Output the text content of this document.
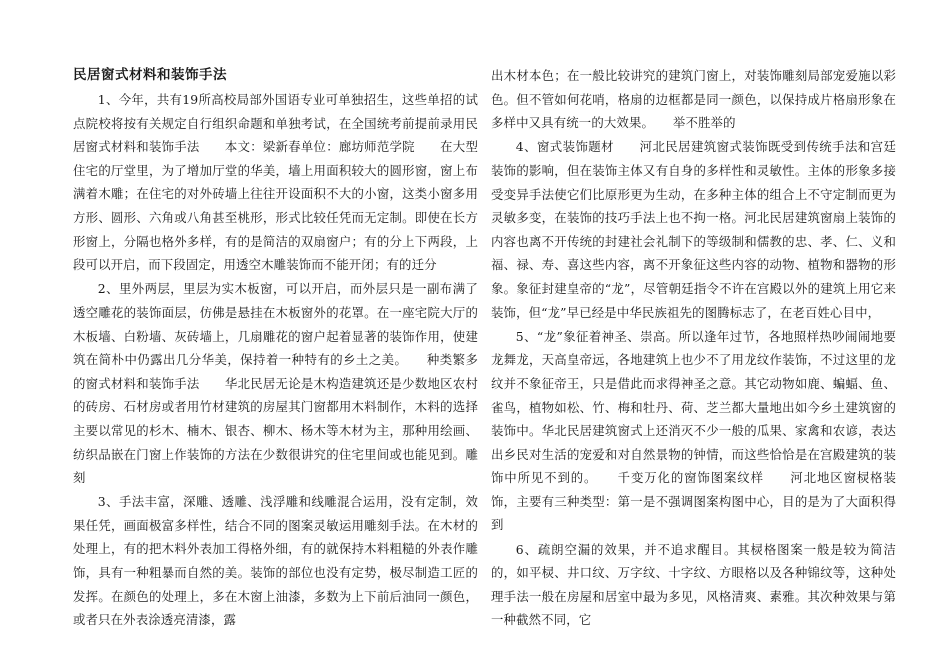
民居窗式材料和装饰手法

1、今年，共有19所高校局部外国语专业可单独招生，这些单招的试点院校将按有关规定自行组织命题和单独考试，在全国统考前提前录用民居窗式材料和装饰手法　　本文：梁新春单位：廊坊师范学院　　在大型住宅的厅堂里，为了增加厅堂的华美，墙上用面积较大的圆形窗，窗上布满着木雕；在住宅的对外砖墙上往往开设面积不大的小窗，这类小窗多用方形、圆形、六角或八角甚至桃形，形式比较任凭而无定制。即使在长方形窗上，分隔也格外多样，有的是简洁的双扇窗户；有的分上下两段，上段可以开启，而下段固定，用透空木雕装饰而不能开闭；有的迁分

2、里外两层，里层为实木板窗，可以开启，而外层只是一副布满了透空雕花的装饰面层，仿佛是悬挂在木板窗外的花罩。在一座宅院大厅的木板墙、白粉墙、灰砖墙上，几扇雕花的窗户起着显著的装饰作用，使建筑在简朴中仍露出几分华美，保持着一种特有的乡土之美。　　种类繁多的窗式材料和装饰手法　　华北民居无论是木构造建筑还是少数地区农村的砖房、石材房或者用竹材建筑的房屋其门窗都用木料制作，木料的选择主要以常见的杉木、楠木、银杏、柳木、杨木等木材为主，那种用绘画、纺织品嵌在门窗上作装饰的方法在少数很讲究的住宅里间或也能见到。雕刻

3、手法丰富，深雕、透雕、浅浮雕和线雕混合运用，没有定制，效果任凭，画面极富多样性，结合不同的图案灵敏运用雕刻手法。在木材的处理上，有的把木料外表加工得格外细，有的就保持木料粗糙的外表作雕饰，具有一种粗暴而自然的美。装饰的部位也没有定势，极尽制造工匠的发挥。在颜色的处理上，多在木窗上油漆，多数为上下前后油同一颜色，或者只在外表涂透亮清漆，露

出木材本色；在一般比较讲究的建筑门窗上，对装饰雕刻局部宠爱施以彩色。但不管如何花哨，格扇的边框都是同一颜色，以保持成片格扇形象在多样中又具有统一的大效果。　　举不胜举的

4、窗式装饰题材　　河北民居建筑窗式装饰既受到传统手法和宫廷装饰的影响，但在装饰主体又有自身的多样性和灵敏性。主体的形象多接受变异手法使它们比原形更为生动，在多种主体的组合上不守定制而更为灵敏多变，在装饰的技巧手法上也不拘一格。河北民居建筑窗扇上装饰的内容也离不开传统的封建社会礼制下的等级制和儒教的忠、孝、仁、义和福、禄、寿、喜这些内容，离不开象征这些内容的动物、植物和器物的形象。象征封建皇帝的“龙”，尽管朝廷指令不许在宫殿以外的建筑上用它来装饰，但“龙”早已经是中华民族祖先的图腾标志了，在老百姓心目中，

5、“龙”象征着神圣、崇高。所以逢年过节，各地照样热吵闹闹地要龙舞龙，天高皇帝远，各地建筑上也少不了用龙纹作装饰，不过这里的龙纹并不象征帝王，只是借此而求得神圣之意。其它动物如鹿、蝙蝠、鱼、雀鸟，植物如松、竹、梅和牡丹、荷、芝兰都大量地出如今乡土建筑窗的装饰中。华北民居建筑窗式上还消灭不少一般的瓜果、家禽和农谚，表达出乡民对生活的宠爱和对自然景物的钟情，而这些恰恰是在宫殿建筑的装饰中所见不到的。　　千变万化的窗饰图案纹样　　河北地区窗棂格装饰，主要有三种类型：第一是不强调图案构图中心，目的是为了大面积得到

6、疏朗空漏的效果，并不追求醒目。其棂格图案一般是较为简洁的，如平棂、井口纹、万字纹、十字纹、方眼格以及各种锦纹等，这种处理手法一般在房屋和居室中最为多见，风格清爽、素雅。其次种效果与第一种截然不同，它
